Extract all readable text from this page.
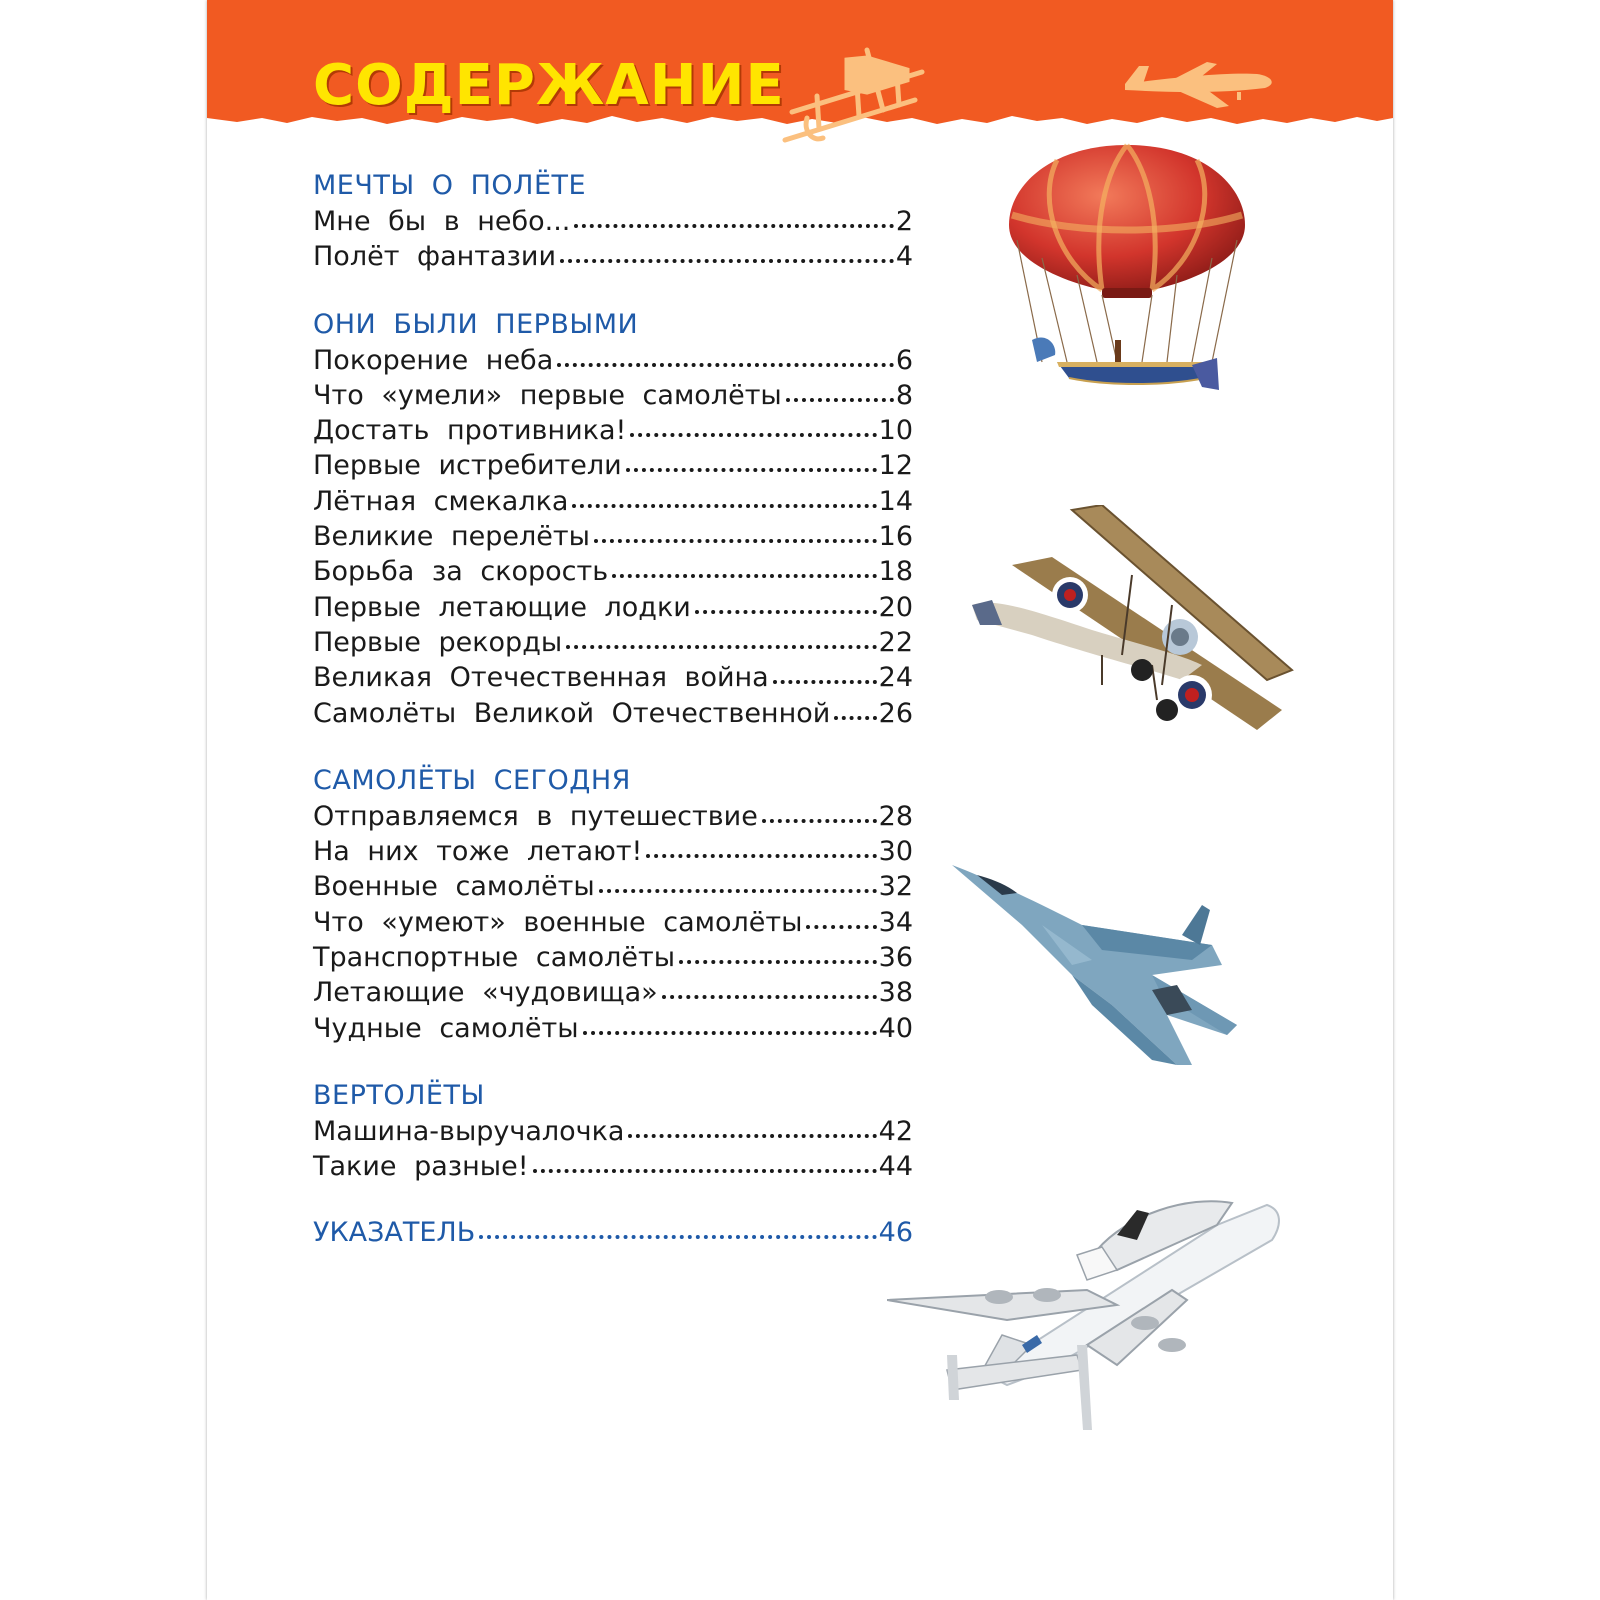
СОДЕРЖАНИЕ
МЕЧТЫ О ПОЛЁТЕ
Мне бы в небо...	2
Полёт фантазии	4
ОНИ БЫЛИ ПЕРВЫМИ
Покорение неба	6
Что «умели» первые самолёты	8
Достать противника!	10
Первые истребители	12
Лётная смекалка	14
Великие перелёты	16
Борьба за скорость	18
Первые летающие лодки	20
Первые рекорды	22
Великая Отечественная война	24
Самолёты Великой Отечественной 26
САМОЛЁТЫ СЕГОДНЯ
Отправляемся в путешествие	28
На них тоже летают!	30
Военные самолёты	32
Что «умеют» военные самолёты	34
Транспортные самолёты	36
Летающие «чудовища»	38
Чудные самолёты	40
ВЕРТОЛЁТЫ
Машина-выручалочка	42
Такие разные!	44
УКАЗАТЕЛЬ	46
